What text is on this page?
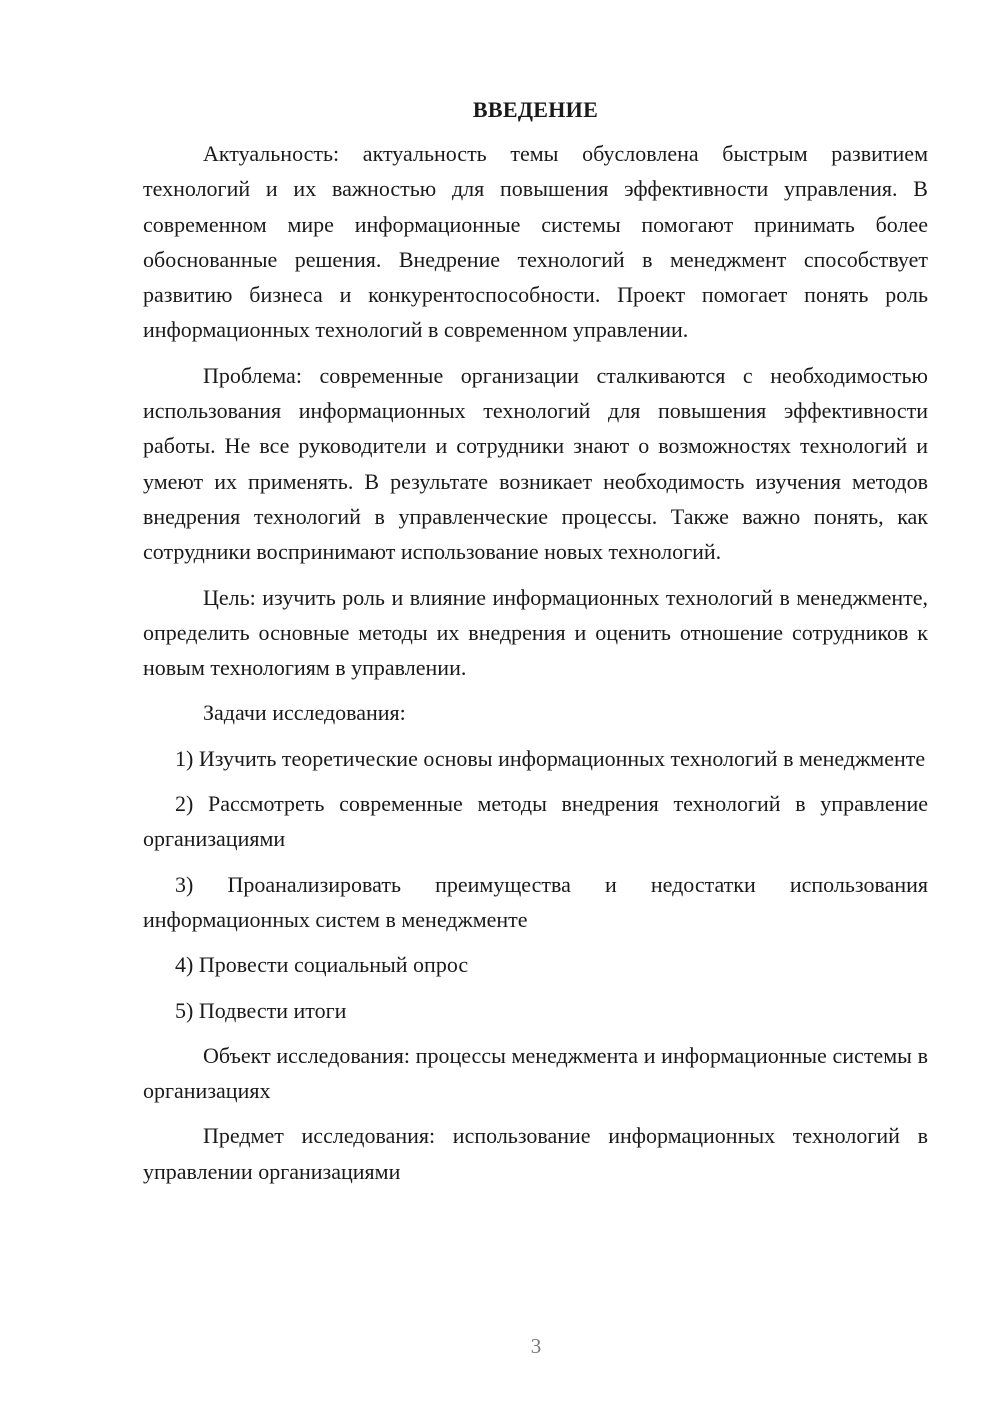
ВВЕДЕНИЕ

Актуальность: актуальность темы обусловлена быстрым развитием технологий и их важностью для повышения эффективности управления. В современном мире информационные системы помогают принимать более обоснованные решения. Внедрение технологий в менеджмент способствует развитию бизнеса и конкурентоспособности. Проект помогает понять роль информационных технологий в современном управлении.

Проблема: современные организации сталкиваются с необходимостью использования информационных технологий для повышения эффективности работы. Не все руководители и сотрудники знают о возможностях технологий и умеют их применять. В результате возникает необходимость изучения методов внедрения технологий в управленческие процессы. Также важно понять, как сотрудники воспринимают использование новых технологий.

Цель: изучить роль и влияние информационных технологий в менеджменте, определить основные методы их внедрения и оценить отношение сотрудников к новым технологиям в управлении.

Задачи исследования:

1) Изучить теоретические основы информационных технологий в менеджменте

2) Рассмотреть современные методы внедрения технологий в управление организациями

3) Проанализировать преимущества и недостатки использования информационных систем в менеджменте

4) Провести социальный опрос

5) Подвести итоги

Объект исследования: процессы менеджмента и информационные системы в организациях

Предмет исследования: использование информационных технологий в управлении организациями

3
